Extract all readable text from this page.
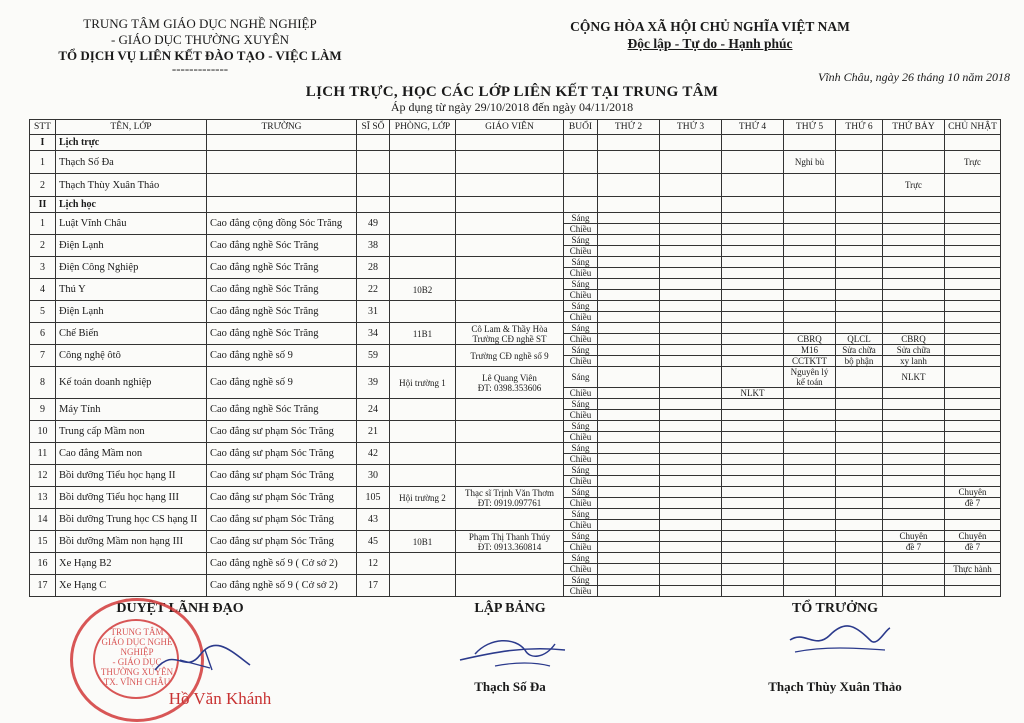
TRUNG TÂM GIÁO DỤC NGHỀ NGHIỆP
- GIÁO DỤC THƯỜNG XUYÊN
TỔ DỊCH VỤ LIÊN KẾT ĐÀO TẠO - VIỆC LÀM
-------------
CỘNG HÒA XÃ HỘI CHỦ NGHĨA VIỆT NAM
Độc lập - Tự do - Hạnh phúc
Vĩnh Châu, ngày 26 tháng 10 năm 2018
LỊCH TRỰC, HỌC CÁC LỚP LIÊN KẾT TẠI TRUNG TÂM
Áp dụng từ ngày 29/10/2018 đến ngày 04/11/2018
STT	TÊN, LỚP	TRƯỜNG	SĨ SỐ	PHÒNG, LỚP	GIÁO VIÊN	BUỔI	THỨ 2	THỨ 3	THỨ 4	THỨ 5	THỨ 6	THỨ BẢY	CHỦ NHẬT
I	Lịch trực												
1	Thạch Số Đa									Nghỉ bù			Trực
2	Thạch Thùy Xuân Thảo											Trực	
II	Lịch học												
1	Luật Vĩnh Châu	Cao đẳng cộng đồng Sóc Trăng	49			Sáng							
						Chiều							
2	Điện Lạnh	Cao đẳng nghề Sóc Trăng	38			Sáng							
						Chiều							
3	Điện Công Nghiệp	Cao đẳng nghề Sóc Trăng	28			Sáng							
						Chiều							
4	Thú Y	Cao đẳng nghề Sóc Trăng	22	10B2		Sáng							
						Chiều							
5	Điện Lạnh	Cao đẳng nghề Sóc Trăng	31			Sáng							
						Chiều							
6	Chế Biến	Cao đẳng nghề Sóc Trăng	34	11B1	Cô Lam & Thầy Hòa
Trường CĐ nghề ST	Sáng							
						Chiều				CBRQ	QLCL	CBRQ	
7	Công nghệ ôtô	Cao đẳng nghề số 9	59		Trường CĐ nghề số 9	Sáng				M16	Sửa chữa	Sửa chữa	
						Chiều				CCTKTT	bộ phận	xy lanh	
8	Kế toán doanh nghiệp	Cao đẳng nghề số 9	39	Hội trường 1	Lê Quang Viên
ĐT: 0398.353606	Sáng				Nguyên lý kế toán		NLKT	
						Chiều			NLKT				
9	Máy Tính	Cao đẳng nghề Sóc Trăng	24			Sáng							
						Chiều							
10	Trung cấp Mầm non	Cao đẳng sư phạm Sóc Trăng	21			Sáng							
						Chiều							
11	Cao đẳng Mầm non	Cao đẳng sư phạm Sóc Trăng	42			Sáng							
						Chiều							
12	Bồi dưỡng Tiểu học hạng II	Cao đẳng sư phạm Sóc Trăng	30			Sáng							
						Chiều							
13	Bồi dưỡng Tiểu học hạng III	Cao đẳng sư phạm Sóc Trăng	105	Hội trường 2	Thạc sĩ Trịnh Văn Thơm
ĐT: 0919.097761	Sáng							Chuyên
						Chiều							đề 7
14	Bồi dưỡng Trung học CS hạng II	Cao đẳng sư phạm Sóc Trăng	43			Sáng							
						Chiều							
15	Bồi dưỡng Mầm non hạng III	Cao đẳng sư phạm Sóc Trăng	45	10B1	Phạm Thị Thanh Thúy
ĐT: 0913.360814	Sáng						Chuyên	Chuyên
						Chiều						đề 7	đề 7
16	Xe Hạng B2	Cao đẳng nghề số 9 ( Cở sở 2)	12			Sáng							
						Chiều							Thực hành
17	Xe Hạng C	Cao đẳng nghề số 9 ( Cở sở 2)	17			Sáng							
						Chiều							
DUYỆT LÃNH ĐẠO	LẬP BẢNG	TỔ TRƯỞNG
TRUNG TÂM
GIÁO DỤC NGHỀ NGHIỆP
- GIÁO DỤC
THƯỜNG XUYÊN
TX. VĨNH CHÂU
Hồ Văn Khánh
Thạch Số Đa	Thạch Thùy Xuân Thảo
